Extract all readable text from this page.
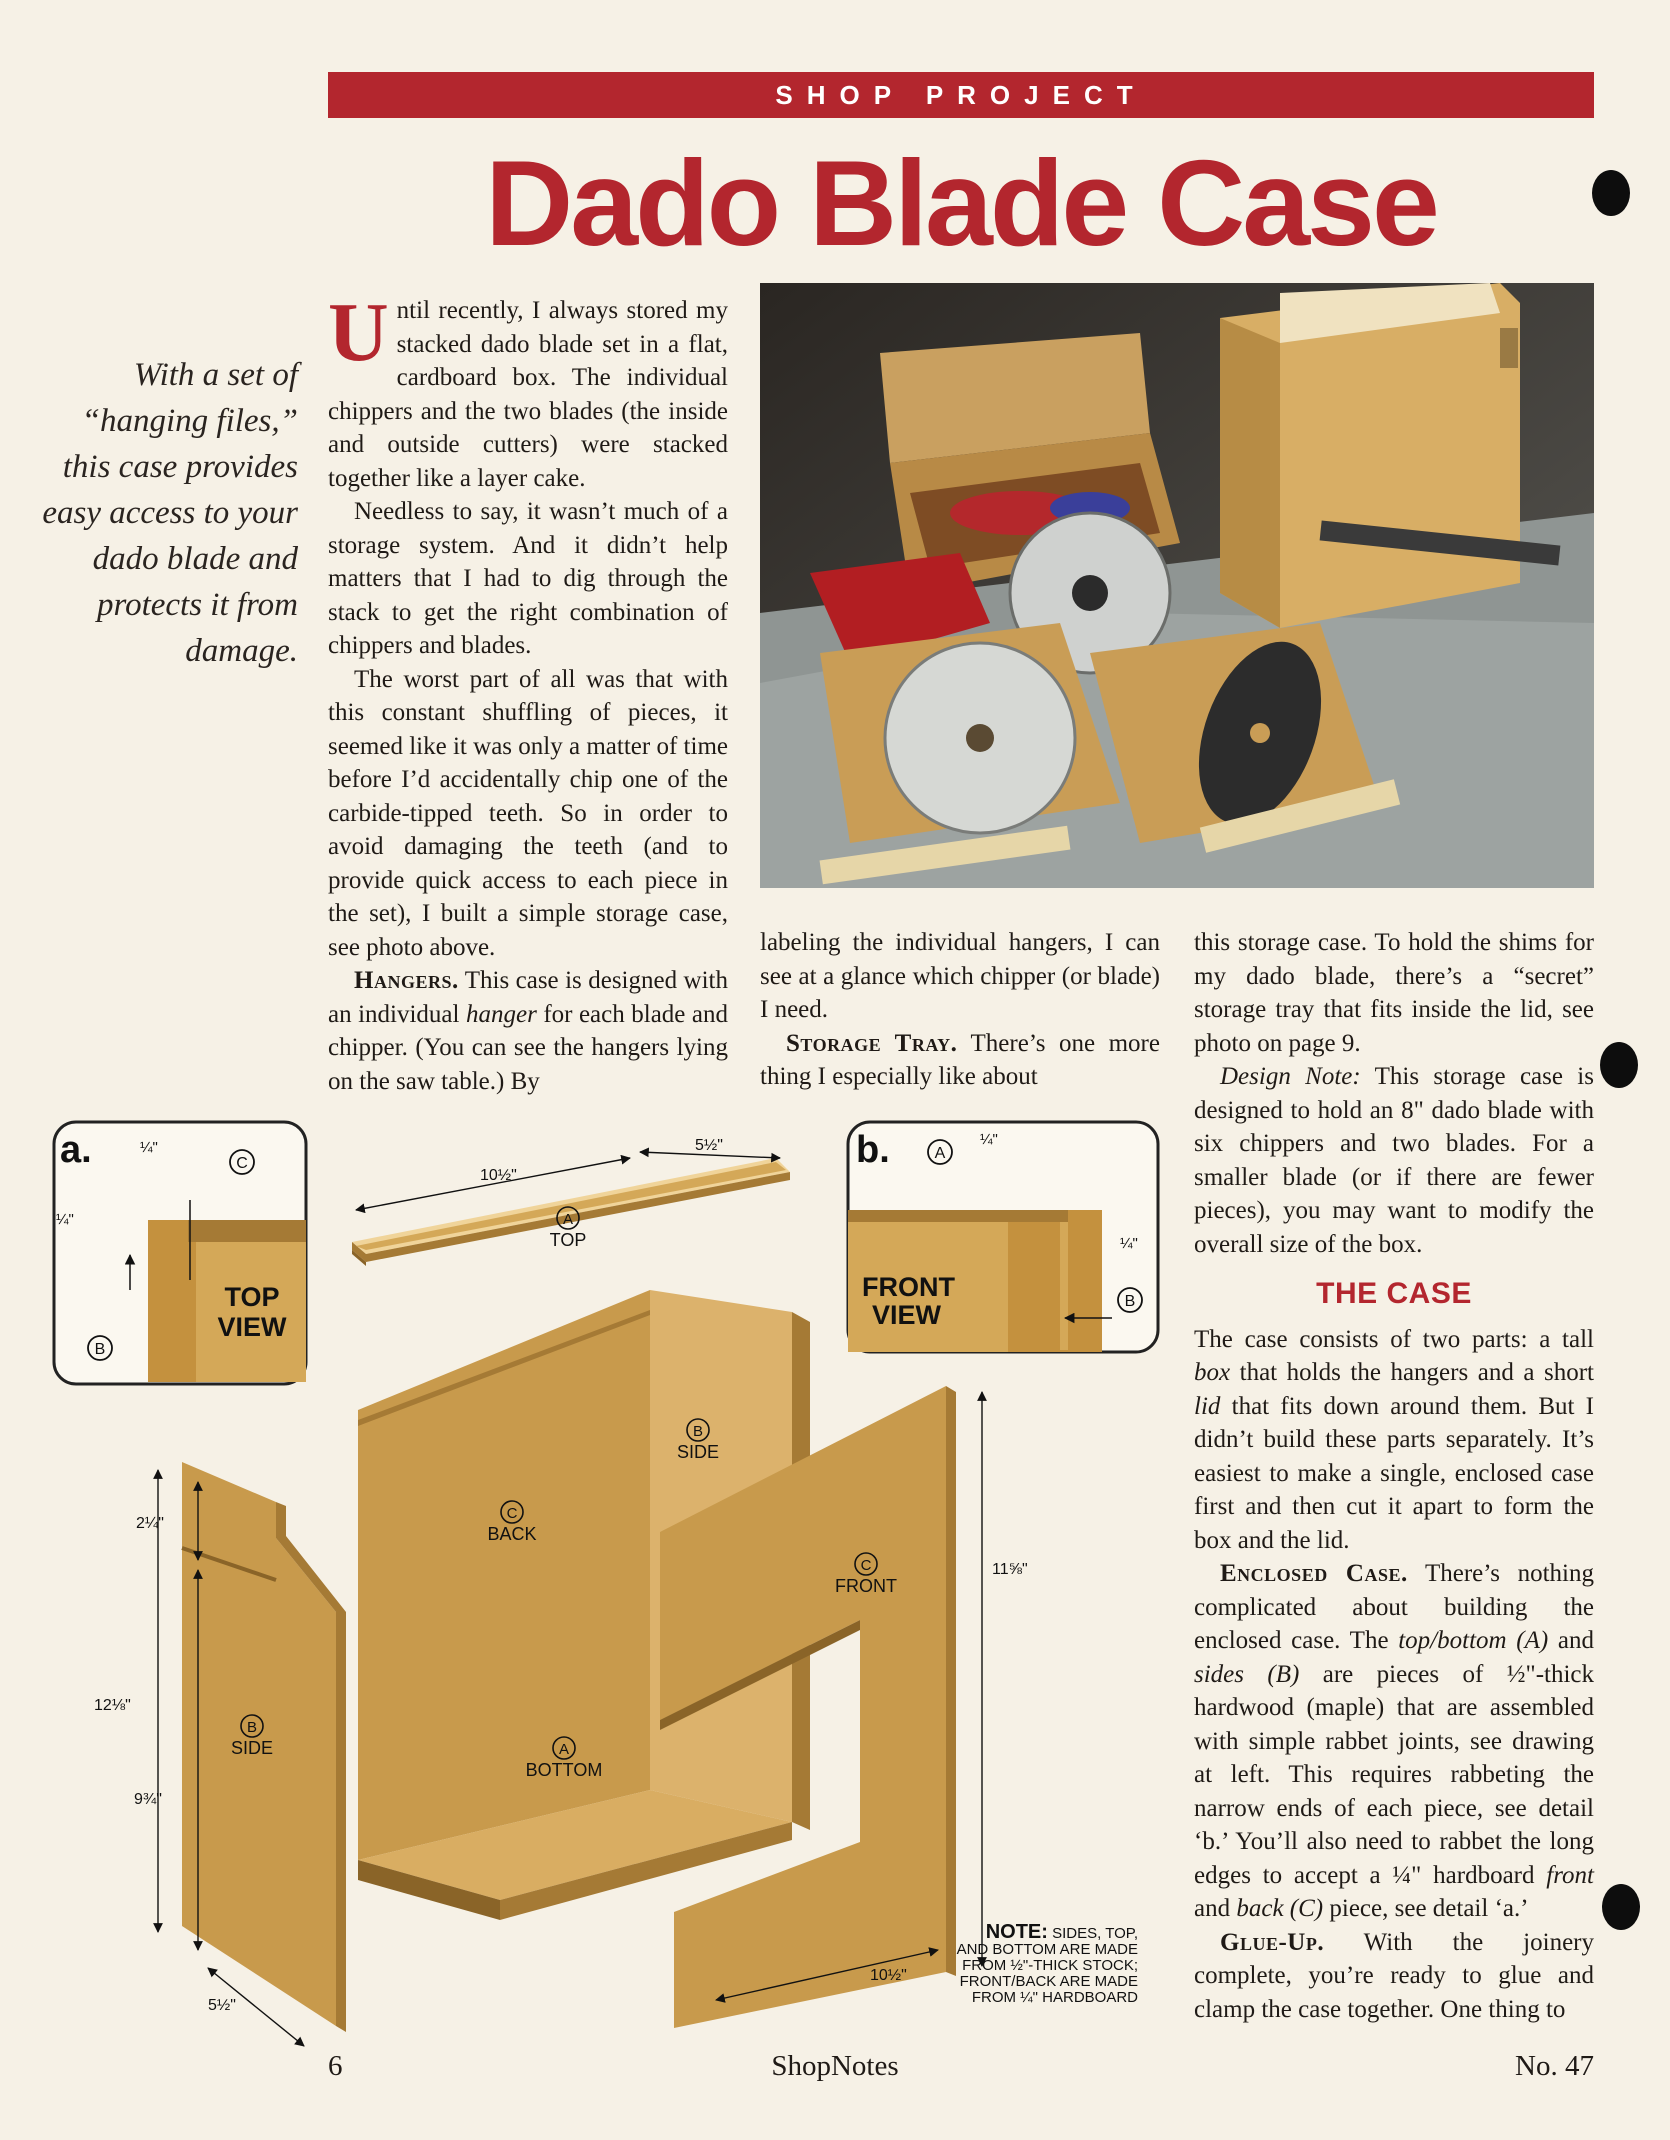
SHOP PROJECT
Dado Blade Case
With a set of “hanging files,” this case provides easy access to your dado blade and protects it from damage.

Until recently, I always stored my stacked dado blade set in a flat, cardboard box. The individual chippers and the two blades (the inside and outside cutters) were stacked together like a layer cake.

Needless to say, it wasn’t much of a storage system. And it didn’t help matters that I had to dig through the stack to get the right combination of chippers and blades.

The worst part of all was that with this constant shuffling of pieces, it seemed like it was only a matter of time before I’d accidentally chip one of the carbide-tipped teeth. So in order to avoid damaging the teeth (and to provide quick access to each piece in the set), I built a simple storage case, see photo above.

Hangers. This case is designed with an individual hanger for each blade and chipper. (You can see the hangers lying on the saw table.) By

labeling the individual hangers, I can see at a glance which chipper (or blade) I need.

Storage Tray. There’s one more thing I especially like about

this storage case. To hold the shims for my dado blade, there’s a “secret” storage tray that fits inside the lid, see photo on page 9.

Design Note: This storage case is designed to hold an 8" dado blade with six chippers and two blades. For a smaller blade (or if there are fewer pieces), you may want to modify the overall size of the box.

THE CASE

The case consists of two parts: a tall box that holds the hangers and a short lid that fits down around them. But I didn’t build these parts separately. It’s easiest to make a single, enclosed case first and then cut it apart to form the box and the lid.

Enclosed Case. There’s nothing complicated about building the enclosed case. The top/bottom (A) and sides (B) are pieces of ½"-thick hardwood (maple) that are assembled with simple rabbet joints, see drawing at left. This requires rabbeting the narrow ends of each piece, see detail ‘b.’ You’ll also need to rabbet the long edges to accept a ¼" hardboard front and back (C) piece, see detail ‘a.’

Glue-Up. With the joinery complete, you’re ready to glue and clamp the case together. One thing to

a.	¼"
¼"
C
B
TOP
VIEW
b.	¼"
¼"
A
B
FRONT
VIEW
10½"
5½"
A
TOP
C
BACK
B
SIDE
A
BOTTOM
C
FRONT
11⅝"
10½"
B
SIDE
12⅛"
2¼"
9¾"
5½"
NOTE: SIDES, TOP,
AND BOTTOM ARE MADE
FROM ½"-THICK STOCK;
FRONT/BACK ARE MADE
FROM ¼" HARDBOARD
6	ShopNotes	No. 47
